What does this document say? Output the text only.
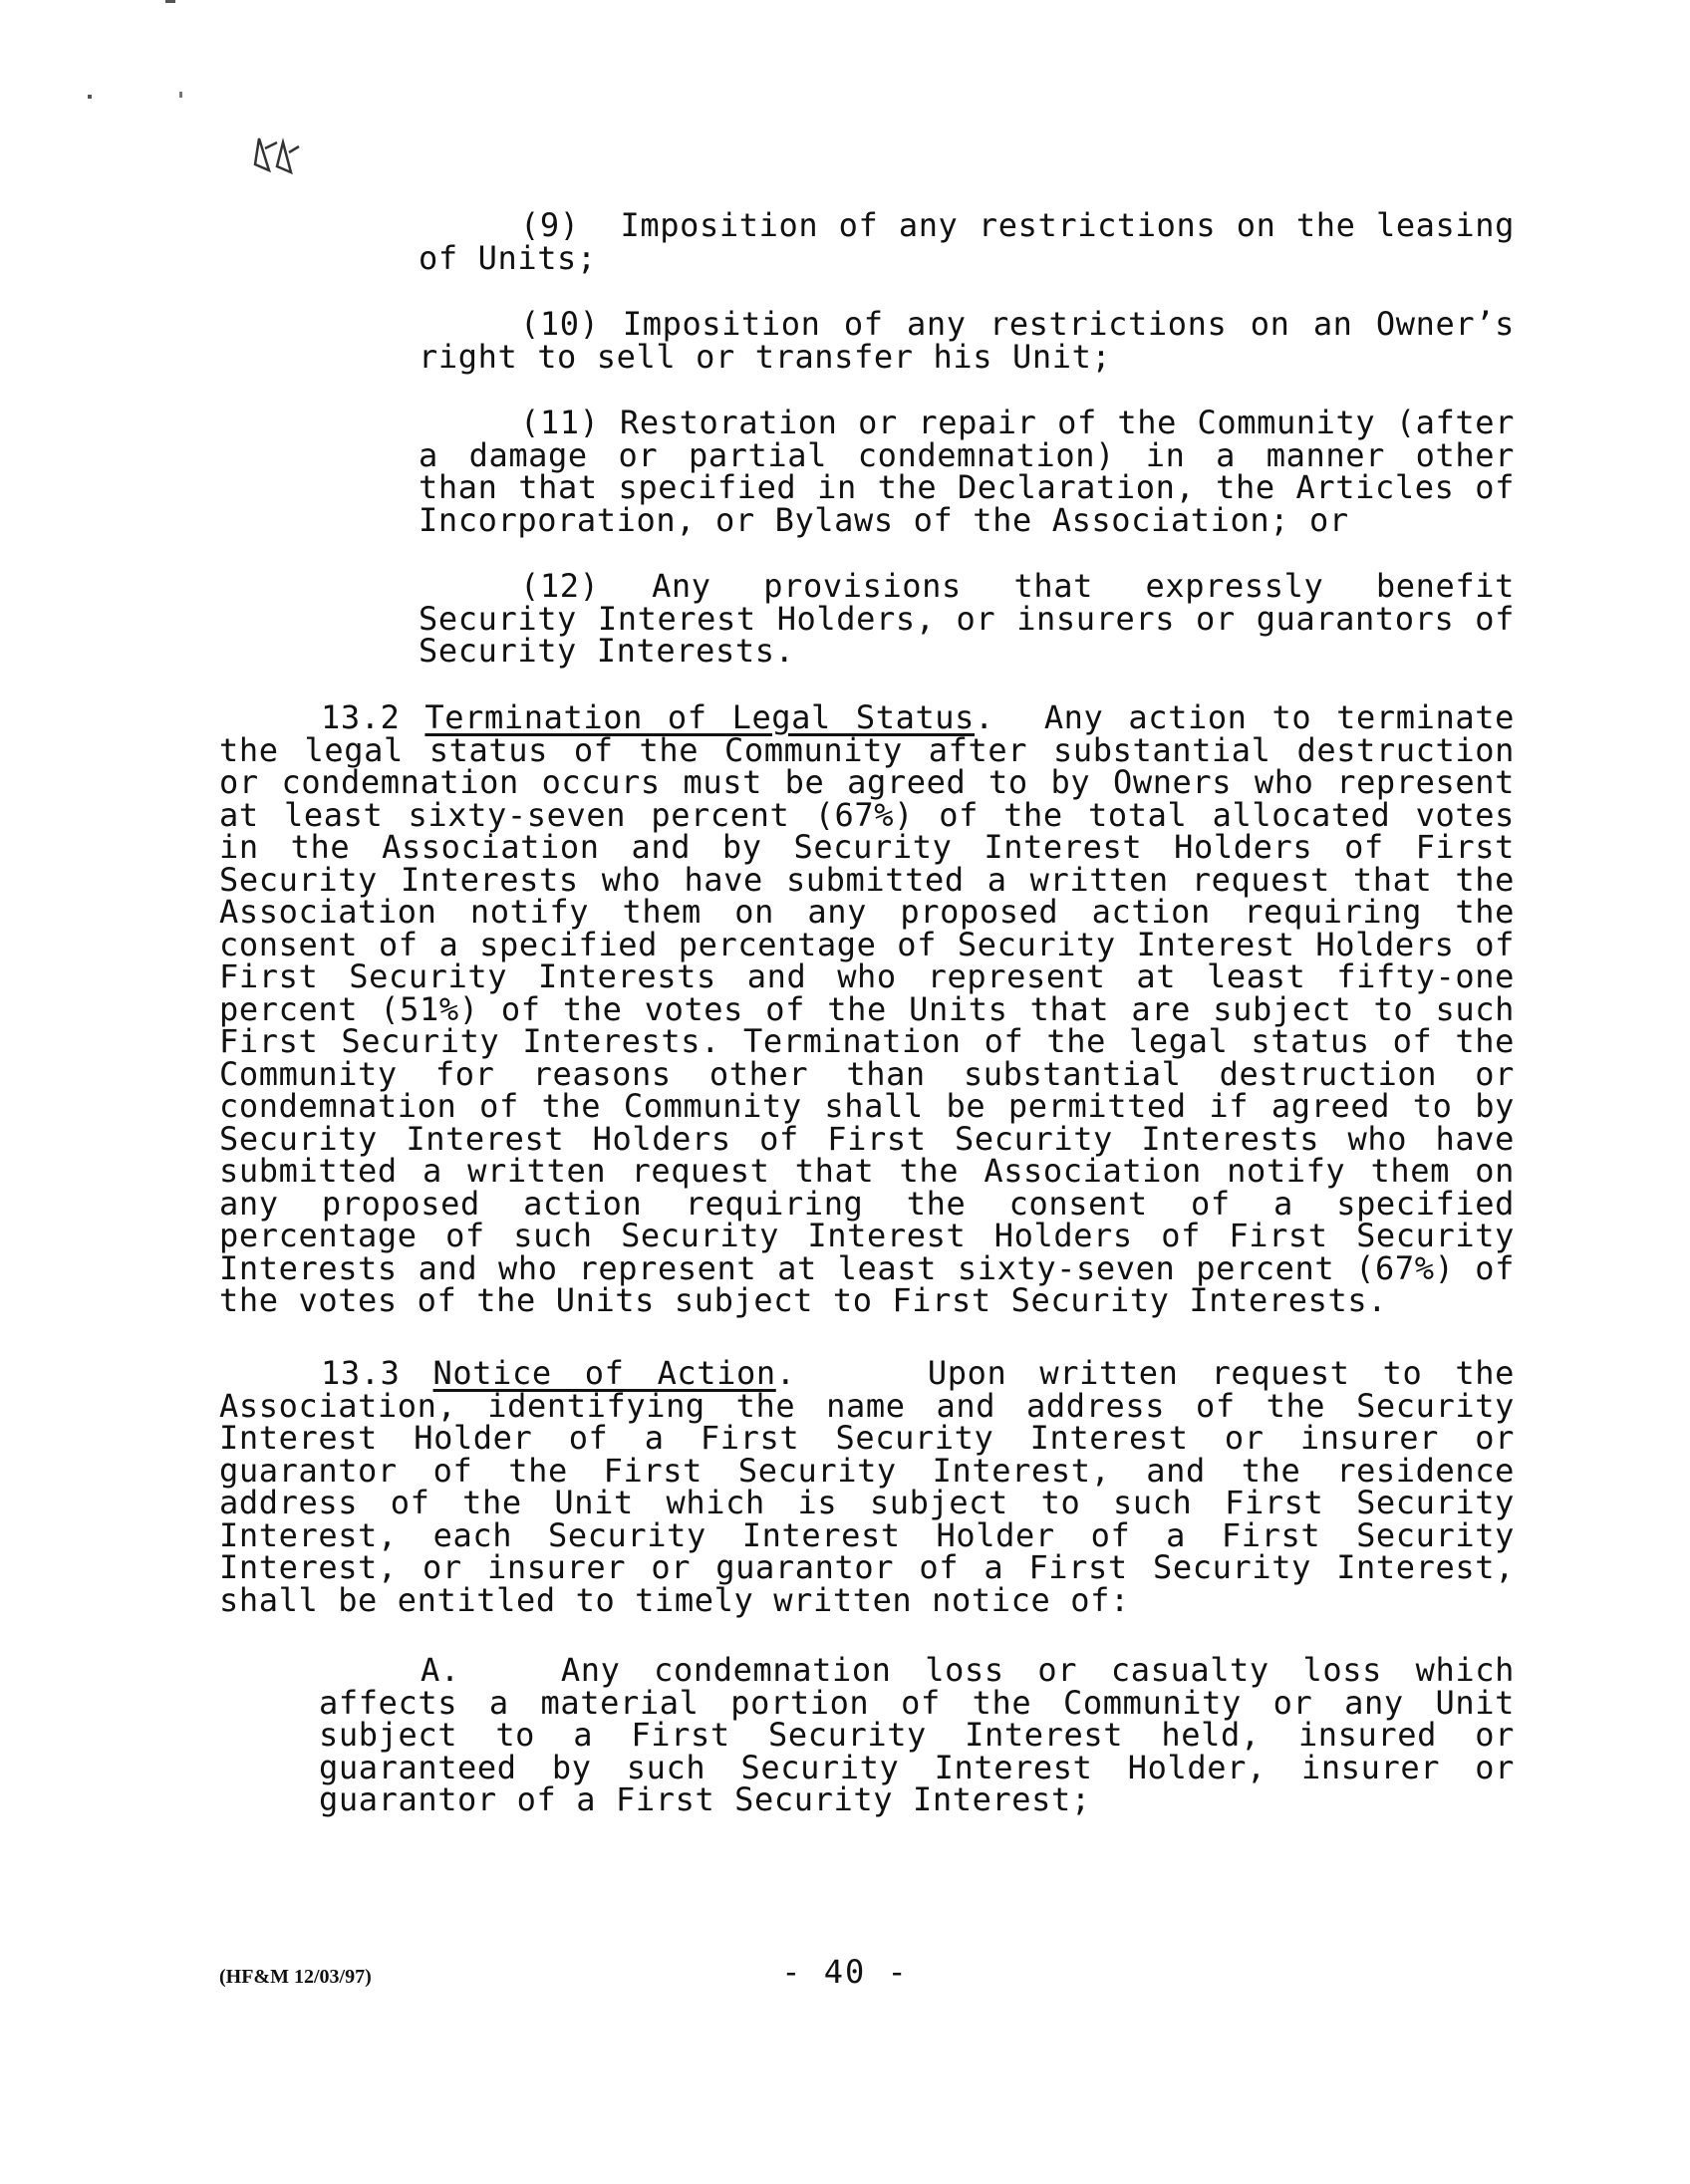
(9) Imposition of any restrictions on the leasing of Units;

(10) Imposition of any restrictions on an Owner’s right to sell or transfer his Unit;

(11) Restoration or repair of the Community (after a damage or partial condemnation) in a manner other than that specified in the Declaration, the Articles of Incorporation, or Bylaws of the Association; or

(12) Any provisions that expressly benefit Security Interest Holders, or insurers or guarantors of Security Interests.

13.2 Termination of Legal Status.  Any action to terminate the legal status of the Community after substantial destruction or condemnation occurs must be agreed to by Owners who represent at least sixty-seven percent (67%) of the total allocated votes in the Association and by Security Interest Holders of First Security Interests who have submitted a written request that the Association notify them on any proposed action requiring the consent of a specified percentage of Security Interest Holders of First Security Interests and who represent at least fifty-one percent (51%) of the votes of the Units that are subject to such First Security Interests. Termination of the legal status of the Community for reasons other than substantial destruction or condemnation of the Community shall be permitted if agreed to by Security Interest Holders of First Security Interests who have submitted a written request that the Association notify them on any proposed action requiring the consent of a specified percentage of such Security Interest Holders of First Security Interests and who represent at least sixty-seven percent (67%) of the votes of the Units subject to First Security Interests.

13.3 Notice of Action.    Upon written request to the Association, identifying the name and address of the Security Interest Holder of a First Security Interest or insurer or guarantor of the First Security Interest, and the residence address of the Unit which is subject to such First Security Interest, each Security Interest Holder of a First Security Interest, or insurer or guarantor of a First Security Interest, shall be entitled to timely written notice of:

A.	Any condemnation loss or casualty loss which affects a material portion of the Community or any Unit subject to a First Security Interest held, insured or guaranteed by such Security Interest Holder, insurer or guarantor of a First Security Interest;

(HF&M 12/03/97)	- 40 -
